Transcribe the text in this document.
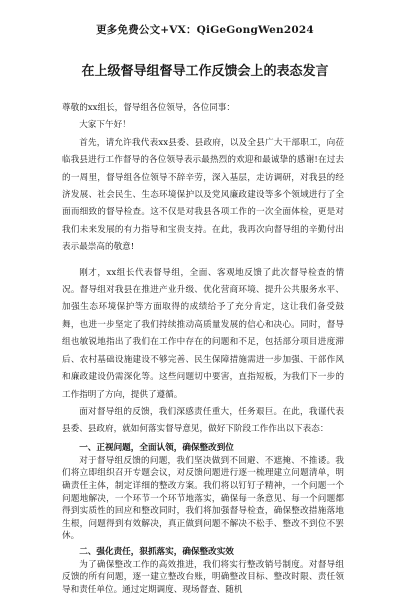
更多免费公文+VX：QiGeGongWen2024
在上级督导组督导工作反馈会上的表态发言

尊敬的xx组长，督导组各位领导，各位同事：

大家下午好！

首先，请允许我代表xx县委、县政府，以及全县广大干部职工，向莅临我县进行工作督导的各位领导表示最热烈的欢迎和最诚挚的感谢!在过去的一周里，督导组各位领导不辞辛劳，深入基层，走访调研，对我县的经济发展、社会民生、生态环境保护以及党风廉政建设等多个领域进行了全面而细致的督导检查。这不仅是对我县各项工作的一次全面体检，更是对我们未来发展的有力指导和宝贵支持。在此，我再次向督导组的辛勤付出表示最崇高的敬意!

刚才，xx组长代表督导组，全面、客观地反馈了此次督导检查的情况。督导组对我县在推进产业升级、优化营商环境、提升公共服务水平、加强生态环境保护等方面取得的成绩给予了充分肯定，这让我们备受鼓舞，也进一步坚定了我们持续推动高质量发展的信心和决心。同时，督导组也敏锐地指出了我们在工作中存在的问题和不足，包括部分项目进度滞后、农村基础设施建设不够完善、民生保障措施需进一步加强、干部作风和廉政建设仍需深化等。这些问题切中要害，直指短板，为我们下一步的工作指明了方向，提供了遵循。

面对督导组的反馈，我们深感责任重大，任务艰巨。在此，我谨代表县委、县政府，就如何落实督导意见，做好下阶段工作作出以下表态：

一、正视问题，全面认领，确保整改到位

对于督导组反馈的问题，我们坚决做到不回避、不遮掩、不推诿。我们将立即组织召开专题会议，对反馈问题进行逐一梳理建立问题清单，明确责任主体，制定详细的整改方案。我们将以钉钉子精神，一个问题一个问题地解决，一个环节一个环节地落实，确保每一条意见、每一个问题都得到实质性的回应和整改同时，我们将加强督导检查，确保整改措施落地生根，问题得到有效解决，真正做到问题不解决不松手、整改不到位不罢休。

二、强化责任，狠抓落实，确保整改实效

为了确保整改工作的高效推进，我们将实行整改销号制度。对督导组反馈的所有问题，逐一建立整改台账，明确整改目标、整改时限、责任领导和责任单位。通过定期调度、现场督查、随机
